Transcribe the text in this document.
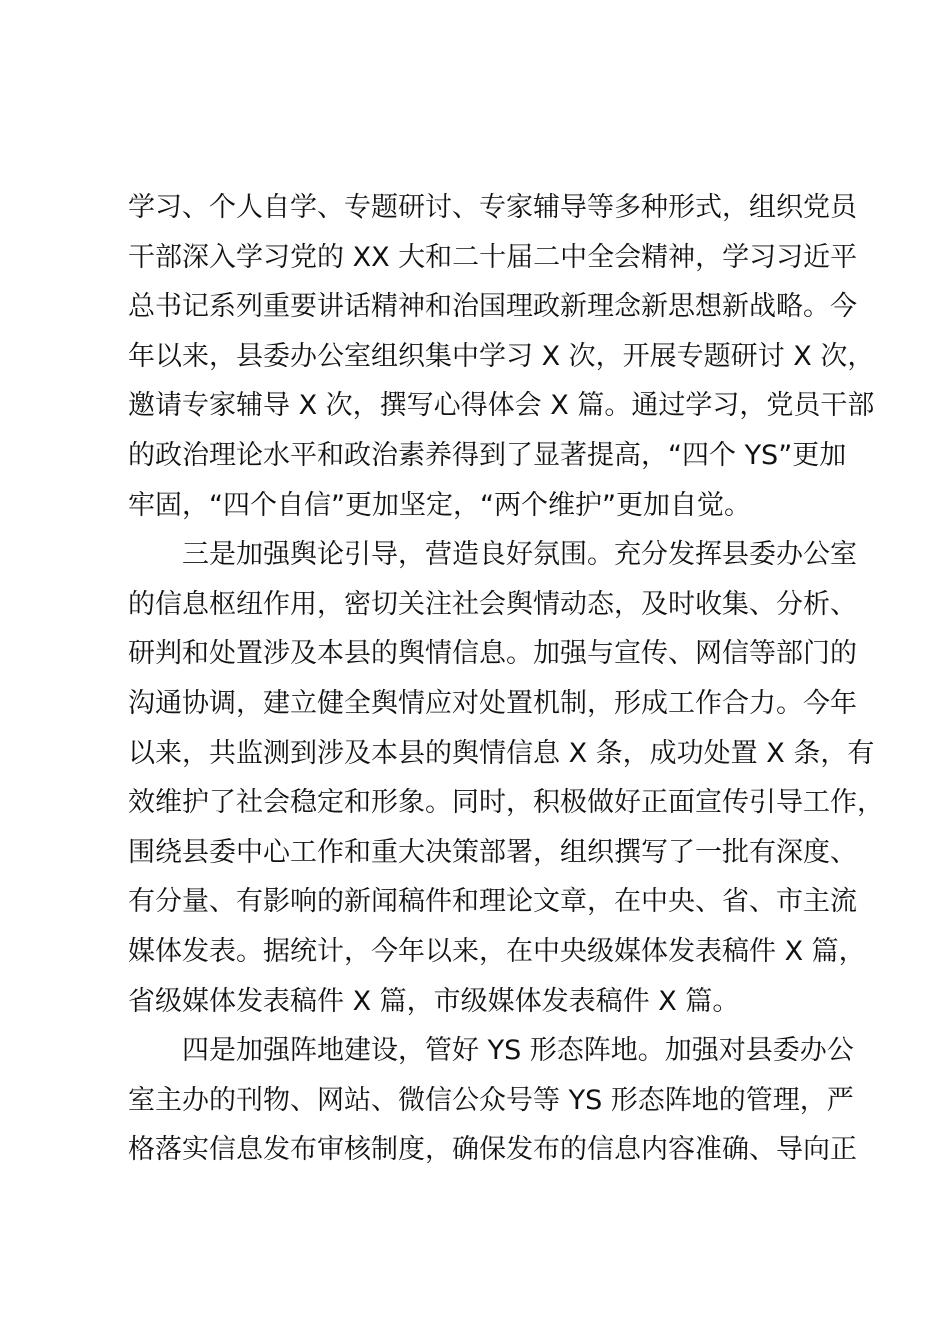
学习、个人自学、专题研讨、专家辅导等多种形式，组织党员
干部深入学习党的 XX 大和二十届二中全会精神，学习习近平
总书记系列重要讲话精神和治国理政新理念新思想新战略。今
年以来，县委办公室组织集中学习 X 次，开展专题研讨 X 次，
邀请专家辅导 X 次，撰写心得体会 X 篇。通过学习，党员干部
的政治理论水平和政治素养得到了显著提高，“四个 YS”更加
牢固，“四个自信”更加坚定，“两个维护”更加自觉。
三是加强舆论引导，营造良好氛围。充分发挥县委办公室
的信息枢纽作用，密切关注社会舆情动态，及时收集、分析、
研判和处置涉及本县的舆情信息。加强与宣传、网信等部门的
沟通协调，建立健全舆情应对处置机制，形成工作合力。今年
以来，共监测到涉及本县的舆情信息 X 条，成功处置 X 条，有
效维护了社会稳定和形象。同时，积极做好正面宣传引导工作，
围绕县委中心工作和重大决策部署，组织撰写了一批有深度、
有分量、有影响的新闻稿件和理论文章，在中央、省、市主流
媒体发表。据统计，今年以来，在中央级媒体发表稿件 X 篇，
省级媒体发表稿件 X 篇，市级媒体发表稿件 X 篇。
四是加强阵地建设，管好 YS 形态阵地。加强对县委办公
室主办的刊物、网站、微信公众号等 YS 形态阵地的管理，严
格落实信息发布审核制度，确保发布的信息内容准确、导向正
